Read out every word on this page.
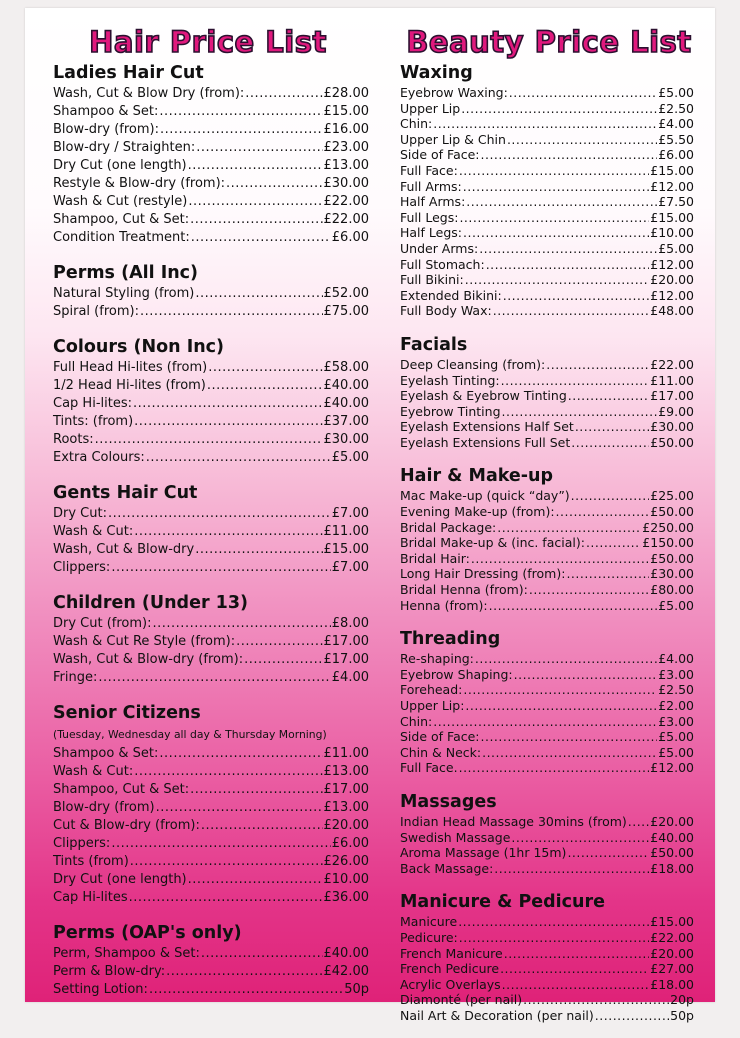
Hair Price List
Ladies Hair Cut
Wash, Cut & Blow Dry (from): .....	£28.00
Shampoo & Set: .....	£15.00
Blow-dry (from): .....	£16.00
Blow-dry / Straighten: .....	£23.00
Dry Cut (one length) .....	£13.00
Restyle & Blow-dry (from): .....	£30.00
Wash & Cut (restyle) .....	£22.00
Shampoo, Cut & Set: .....	£22.00
Condition Treatment: .....	£6.00
Perms (All Inc)
Natural Styling (from) .....	£52.00
Spiral (from): .....	£75.00
Colours (Non Inc)
Full Head Hi-lites (from) .....	£58.00
1/2 Head Hi-lites (from) .....	£40.00
Cap Hi-lites: .....	£40.00
Tints: (from) .....	£37.00
Roots: .....	£30.00
Extra Colours: .....	£5.00
Gents Hair Cut
Dry Cut: .....	£7.00
Wash & Cut: .....	£11.00
Wash, Cut & Blow-dry .....	£15.00
Clippers: .....	£7.00
Children (Under 13)
Dry Cut (from): .....	£8.00
Wash & Cut Re Style (from): .....	£17.00
Wash, Cut & Blow-dry (from): .....	£17.00
Fringe: .....	£4.00
Senior Citizens
(Tuesday, Wednesday all day & Thursday Morning)
Shampoo & Set: .....	£11.00
Wash & Cut: .....	£13.00
Shampoo, Cut & Set: .....	£17.00
Blow-dry (from) .....	£13.00
Cut & Blow-dry (from): .....	£20.00
Clippers: .....	£6.00
Tints (from) .....	£26.00
Dry Cut (one length) .....	£10.00
Cap Hi-lites .....	£36.00
Perms (OAP's only)
Perm, Shampoo & Set: .....	£40.00
Perm & Blow-dry: .....	£42.00
Setting Lotion: .....	50p
Beauty Price List
Waxing
Eyebrow Waxing: .....	£5.00
Upper Lip .....	£2.50
Chin: .....	£4.00
Upper Lip & Chin .....	£5.50
Side of Face: .....	£6.00
Full Face: .....	£15.00
Full Arms: .....	£12.00
Half Arms: .....	£7.50
Full Legs: .....	£15.00
Half Legs: .....	£10.00
Under Arms: .....	£5.00
Full Stomach: .....	£12.00
Full Bikini: .....	£20.00
Extended Bikini: .....	£12.00
Full Body Wax: .....	£48.00
Facials
Deep Cleansing (from): .....	£22.00
Eyelash Tinting: .....	£11.00
Eyelash & Eyebrow Tinting .....	£17.00
Eyebrow Tinting .....	£9.00
Eyelash Extensions Half Set .....	£30.00
Eyelash Extensions Full Set .....	£50.00
Hair & Make-up
Mac Make-up (quick “day”) .....	£25.00
Evening Make-up (from): .....	£50.00
Bridal Package: .....	£250.00
Bridal Make-up & (inc. facial): .....	£150.00
Bridal Hair: .....	£50.00
Long Hair Dressing (from): .....	£30.00
Bridal Henna (from): .....	£80.00
Henna (from): .....	£5.00
Threading
Re-shaping: .....	£4.00
Eyebrow Shaping: .....	£3.00
Forehead: .....	£2.50
Upper Lip: .....	£2.00
Chin: .....	£3.00
Side of Face: .....	£5.00
Chin & Neck: .....	£5.00
Full Face. .....	£12.00
Massages
Indian Head Massage 30mins (from) ..... £20.00
Swedish Massage .....	£40.00
Aroma Massage (1hr 15m) .....	£50.00
Back Massage: .....	£18.00
Manicure & Pedicure
Manicure .....	£15.00
Pedicure: .....	£22.00
French Manicure .....	£20.00
French Pedicure .....	£27.00
Acrylic Overlays .....	£18.00
Diamonté (per nail) .....	20p
Nail Art & Decoration (per nail) .....	50p
